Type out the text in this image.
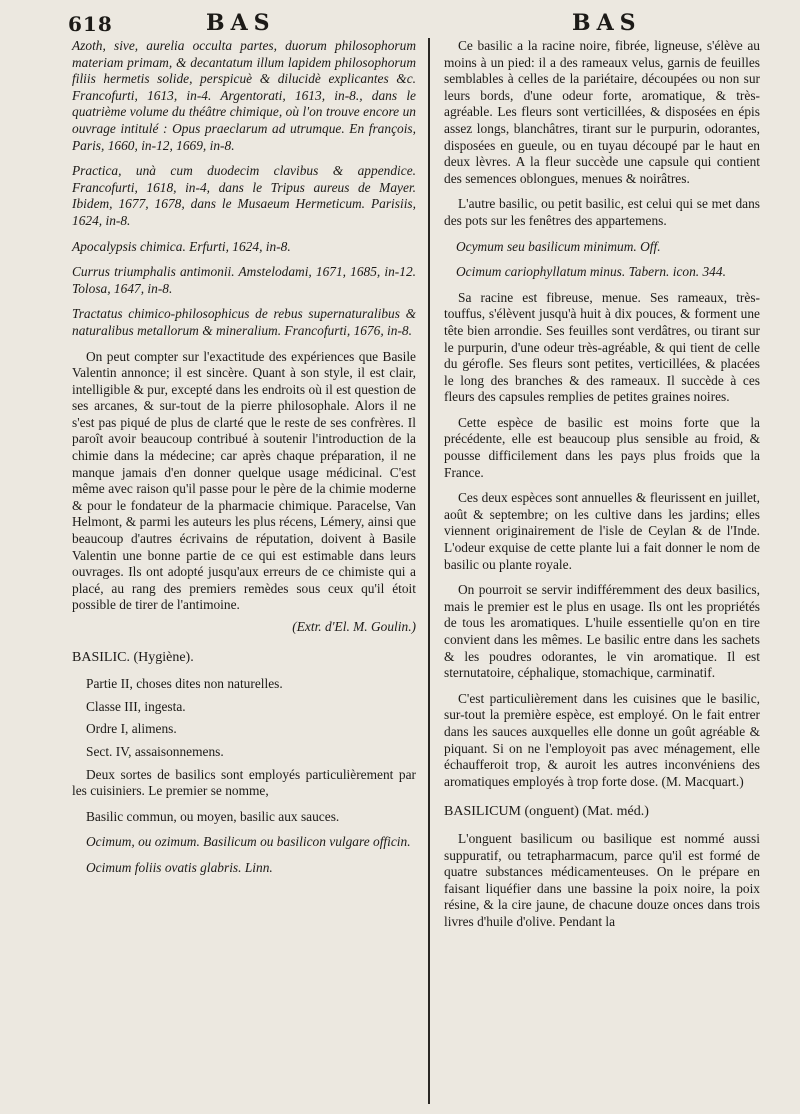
618	BAS	BAS

Azoth, sive, aurelia occulta partes, duorum philosophorum materiam primam, & decantatum illum lapidem philosophorum filiis hermetis solide, perspicuè & dilucidè explicantes &c. Francofurti, 1613, in-4. Argentorati, 1613, in-8., dans le quatrième volume du théâtre chimique, où l'on trouve encore un ouvrage intitulé : Opus praeclarum ad utrumque. En françois, Paris, 1660, in-12, 1669, in-8.

Practica, unà cum duodecim clavibus & appendice. Francofurti, 1618, in-4, dans le Tripus aureus de Mayer. Ibidem, 1677, 1678, dans le Musaeum Hermeticum. Parisiis, 1624, in-8.

Apocalypsis chimica. Erfurti, 1624, in-8.

Currus triumphalis antimonii. Amstelodami, 1671, 1685, in-12. Tolosa, 1647, in-8.

Tractatus chimico-philosophicus de rebus supernaturalibus & naturalibus metallorum & mineralium. Francofurti, 1676, in-8.

On peut compter sur l'exactitude des expériences que Basile Valentin annonce; il est sincère. Quant à son style, il est clair, intelligible & pur, excepté dans les endroits où il est question de ses arcanes, & sur-tout de la pierre philosophale. Alors il ne s'est pas piqué de plus de clarté que le reste de ses confrères. Il paroît avoir beaucoup contribué à soutenir l'introduction de la chimie dans la médecine; car après chaque préparation, il ne manque jamais d'en donner quelque usage médicinal. C'est même avec raison qu'il passe pour le père de la chimie moderne & pour le fondateur de la pharmacie chimique. Paracelse, Van Helmont, & parmi les auteurs les plus récens, Lémery, ainsi que beaucoup d'autres écrivains de réputation, doivent à Basile Valentin une bonne partie de ce qui est estimable dans leurs ouvrages. Ils ont adopté jusqu'aux erreurs de ce chimiste qui a placé, au rang des premiers remèdes sous ceux qu'il étoit possible de tirer de l'antimoine.

(Extr. d'El. M. Goulin.)

BASILIC. (Hygiène).

Partie II, choses dites non naturelles.

Classe III, ingesta.

Ordre I, alimens.

Sect. IV, assaisonnemens.

Deux sortes de basilics sont employés particulièrement par les cuisiniers. Le premier se nomme,

Basilic commun, ou moyen, basilic aux sauces.

Ocimum, ou ozimum. Basilicum ou basilicon vulgare officin.

Ocimum foliis ovatis glabris. Linn.

Ce basilic a la racine noire, fibrée, ligneuse, s'élève au moins à un pied: il a des rameaux velus, garnis de feuilles semblables à celles de la pariétaire, découpées ou non sur leurs bords, d'une odeur forte, aromatique, & très-agréable. Les fleurs sont verticillées, & disposées en épis assez longs, blanchâtres, tirant sur le purpurin, odorantes, disposées en gueule, ou en tuyau découpé par le haut en deux lèvres. A la fleur succède une capsule qui contient des semences oblongues, menues & noirâtres.

L'autre basilic, ou petit basilic, est celui qui se met dans des pots sur les fenêtres des appartemens.

Ocymum seu basilicum minimum. Off.

Ocimum cariophyllatum minus. Tabern. icon. 344.

Sa racine est fibreuse, menue. Ses rameaux, très-touffus, s'élèvent jusqu'à huit à dix pouces, & forment une tête bien arrondie. Ses feuilles sont verdâtres, ou tirant sur le purpurin, d'une odeur très-agréable, & qui tient de celle du gérofle. Ses fleurs sont petites, verticillées, & placées le long des branches & des rameaux. Il succède à ces fleurs des capsules remplies de petites graines noires.

Cette espèce de basilic est moins forte que la précédente, elle est beaucoup plus sensible au froid, & pousse difficilement dans les pays plus froids que la France.

Ces deux espèces sont annuelles & fleurissent en juillet, août & septembre; on les cultive dans les jardins; elles viennent originairement de l'isle de Ceylan & de l'Inde. L'odeur exquise de cette plante lui a fait donner le nom de basilic ou plante royale.

On pourroit se servir indifféremment des deux basilics, mais le premier est le plus en usage. Ils ont les propriétés de tous les aromatiques. L'huile essentielle qu'on en tire convient dans les mêmes. Le basilic entre dans les sachets & les poudres odorantes, le vin aromatique. Il est sternutatoire, céphalique, stomachique, carminatif.

C'est particulièrement dans les cuisines que le basilic, sur-tout la première espèce, est employé. On le fait entrer dans les sauces auxquelles elle donne un goût agréable & piquant. Si on ne l'employoit pas avec ménagement, elle échaufferoit trop, & auroit les autres inconvéniens des aromatiques employés à trop forte dose. (M. Macquart.)

BASILICUM (onguent) (Mat. méd.)

L'onguent basilicum ou basilique est nommé aussi suppuratif, ou tetrapharmacum, parce qu'il est formé de quatre substances médicamenteuses. On le prépare en faisant liquéfier dans une bassine la poix noire, la poix résine, & la cire jaune, de chacune douze onces dans trois livres d'huile d'olive. Pendant la
